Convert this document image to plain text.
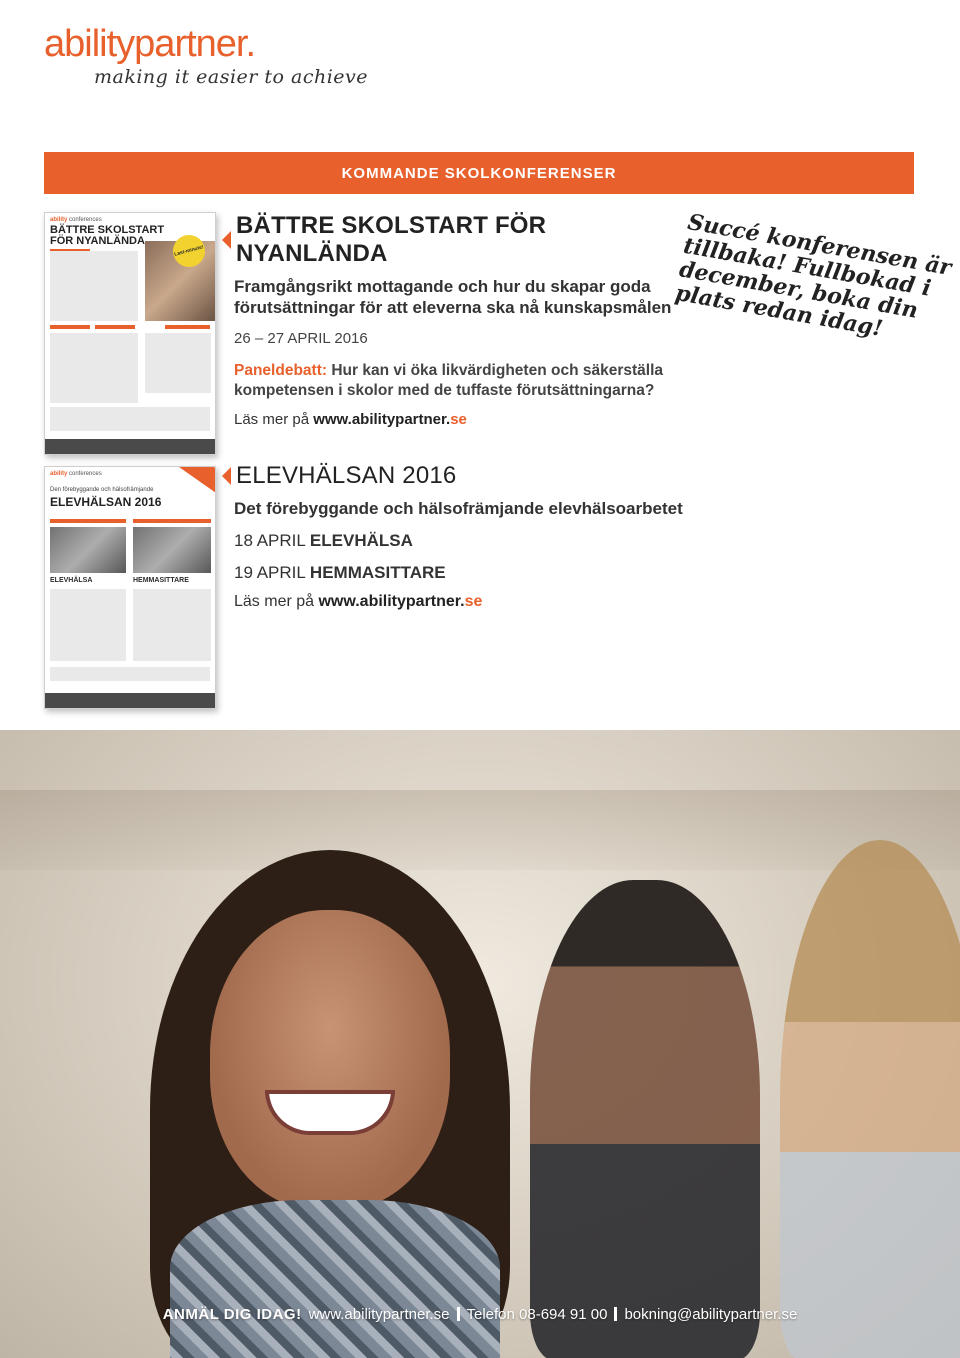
abilitypartner.
making it easier to achieve
KOMMANDE SKOLKONFERENSER
ability conferences
BÄTTRE SKOLSTART
FÖR NYANLÄNDA
Last-minute!
ability conferences
Den förebyggande och hälsofrämjande
ELEVHÄLSAN 2016
ELEVHÄLSA	HEMMASITTARE
BÄTTRE SKOLSTART FÖR NYANLÄNDA
Framgångsrikt mottagande och hur du skapar goda förutsättningar för att eleverna ska nå kunskapsmålen
26 – 27 APRIL 2016
Paneldebatt: Hur kan vi öka likvärdigheten och säkerställa kompetensen i skolor med de tuffaste förutsättningarna?
Läs mer på www.abilitypartner.se
Succé konferensen är tillbaka! Fullbokad i december, boka din plats redan idag!
ELEVHÄLSAN 2016
Det förebyggande och hälsofrämjande elevhälsoarbetet
18 APRIL ELEVHÄLSA
19 APRIL HEMMASITTARE
Läs mer på www.abilitypartner.se
ANMÄL DIG IDAG! www.abilitypartner.se Telefon 08-694 91 00 bokning@abilitypartner.se
